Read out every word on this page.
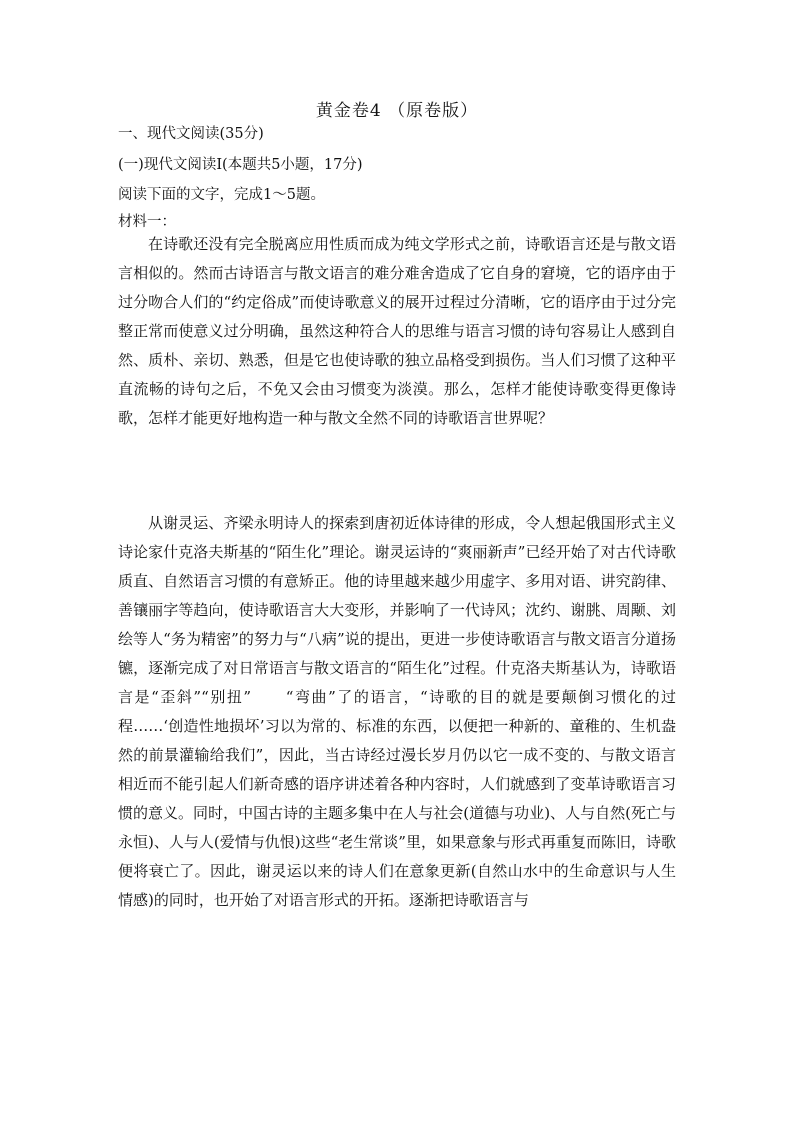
黄金卷4 （原卷版）
一、现代文阅读(35分)
(一)现代文阅读Ⅰ(本题共5小题，17分)
阅读下面的文字，完成1～5题。
材料一：

在诗歌还没有完全脱离应用性质而成为纯文学形式之前，诗歌语言还是与散文语言相似的。然而古诗语言与散文语言的难分难舍造成了它自身的窘境，它的语序由于过分吻合人们的“约定俗成”而使诗歌意义的展开过程过分清晰，它的语序由于过分完整正常而使意义过分明确，虽然这种符合人的思维与语言习惯的诗句容易让人感到自然、质朴、亲切、熟悉，但是它也使诗歌的独立品格受到损伤。当人们习惯了这种平直流畅的诗句之后，不免又会由习惯变为淡漠。那么，怎样才能使诗歌变得更像诗歌，怎样才能更好地构造一种与散文全然不同的诗歌语言世界呢？

从谢灵运、齐梁永明诗人的探索到唐初近体诗律的形成，令人想起俄国形式主义诗论家什克洛夫斯基的“陌生化”理论。谢灵运诗的“爽丽新声”已经开始了对古代诗歌质直、自然语言习惯的有意矫正。他的诗里越来越少用虚字、多用对语、讲究韵律、善镶丽字等趋向，使诗歌语言大大变形，并影响了一代诗风；沈约、谢朓、周颙、刘绘等人“务为精密”的努力与“八病”说的提出，更进一步使诗歌语言与散文语言分道扬镳，逐渐完成了对日常语言与散文语言的“陌生化”过程。什克洛夫斯基认为，诗歌语言是“歪斜”“别扭”　　“弯曲”了的语言，“诗歌的目的就是要颠倒习惯化的过程……‘创造性地损坏’习以为常的、标准的东西，以便把一种新的、童稚的、生机盎然的前景灌输给我们”，因此，当古诗经过漫长岁月仍以它一成不变的、与散文语言相近而不能引起人们新奇感的语序讲述着各种内容时，人们就感到了变革诗歌语言习惯的意义。同时，中国古诗的主题多集中在人与社会(道德与功业)、人与自然(死亡与永恒)、人与人(爱情与仇恨)这些“老生常谈”里，如果意象与形式再重复而陈旧，诗歌便将衰亡了。因此，谢灵运以来的诗人们在意象更新(自然山水中的生命意识与人生情感)的同时，也开始了对语言形式的开拓。逐渐把诗歌语言与
